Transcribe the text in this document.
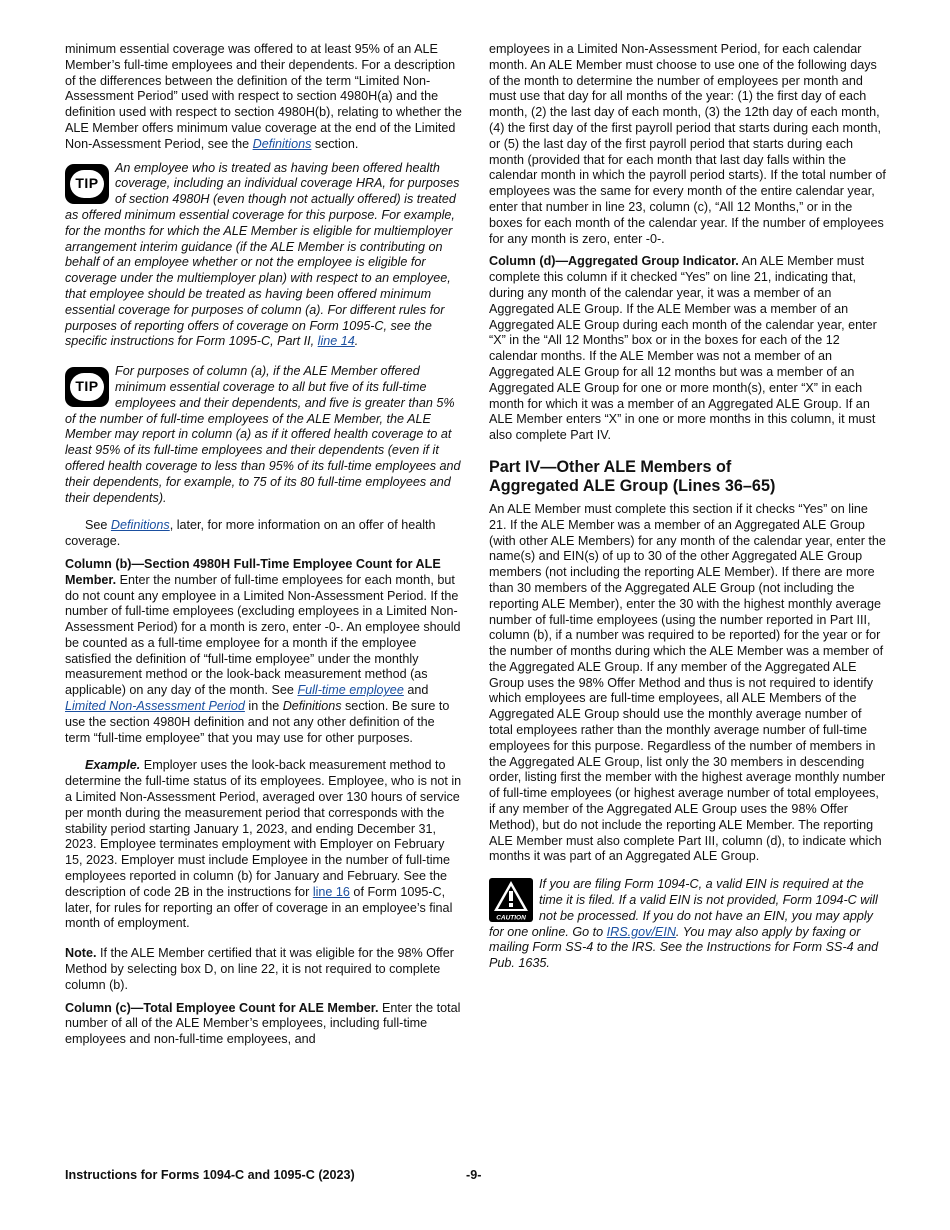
minimum essential coverage was offered to at least 95% of an ALE Member’s full-time employees and their dependents. For a description of the differences between the definition of the term “Limited Non-Assessment Period” used with respect to section 4980H(a) and the definition used with respect to section 4980H(b), relating to whether the ALE Member offers minimum value coverage at the end of the Limited Non-Assessment Period, see the Definitions section.

TIP

An employee who is treated as having been offered health coverage, including an individual coverage HRA, for purposes of section 4980H (even though not actually offered) is treated as offered minimum essential coverage for this purpose. For example, for the months for which the ALE Member is eligible for multiemployer arrangement interim guidance (if the ALE Member is contributing on behalf of an employee whether or not the employee is eligible for coverage under the multiemployer plan) with respect to an employee, that employee should be treated as having been offered minimum essential coverage for purposes of column (a). For different rules for purposes of reporting offers of coverage on Form 1095-C, see the specific instructions for Form 1095-C, Part II, line 14.

TIP

For purposes of column (a), if the ALE Member offered minimum essential coverage to all but five of its full-time employees and their dependents, and five is greater than 5% of the number of full-time employees of the ALE Member, the ALE Member may report in column (a) as if it offered health coverage to at least 95% of its full-time employees and their dependents (even if it offered health coverage to less than 95% of its full-time employees and their dependents, for example, to 75 of its 80 full-time employees and their dependents).

See Definitions, later, for more information on an offer of health coverage.

Column (b)—Section 4980H Full-Time Employee Count for ALE Member. Enter the number of full-time employees for each month, but do not count any employee in a Limited Non-Assessment Period. If the number of full-time employees (excluding employees in a Limited Non-Assessment Period) for a month is zero, enter -0-. An employee should be counted as a full-time employee for a month if the employee satisfied the definition of “full-time employee” under the monthly measurement method or the look-back measurement method (as applicable) on any day of the month. See Full-time employee and Limited Non-Assessment Period in the Definitions section. Be sure to use the section 4980H definition and not any other definition of the term “full-time employee” that you may use for other purposes.

Example. Employer uses the look-back measurement method to determine the full-time status of its employees. Employee, who is not in a Limited Non-Assessment Period, averaged over 130 hours of service per month during the measurement period that corresponds with the stability period starting January 1, 2023, and ending December 31, 2023. Employee terminates employment with Employer on February 15, 2023. Employer must include Employee in the number of full-time employees reported in column (b) for January and February. See the description of code 2B in the instructions for line 16 of Form 1095-C, later, for rules for reporting an offer of coverage in an employee’s final month of employment.

Note. If the ALE Member certified that it was eligible for the 98% Offer Method by selecting box D, on line 22, it is not required to complete column (b).

Column (c)—Total Employee Count for ALE Member. Enter the total number of all of the ALE Member’s employees, including full-time employees and non-full-time employees, and

employees in a Limited Non-Assessment Period, for each calendar month. An ALE Member must choose to use one of the following days of the month to determine the number of employees per month and must use that day for all months of the year: (1) the first day of each month, (2) the last day of each month, (3) the 12th day of each month, (4) the first day of the first payroll period that starts during each month, or (5) the last day of the first payroll period that starts during each month (provided that for each month that last day falls within the calendar month in which the payroll period starts). If the total number of employees was the same for every month of the entire calendar year, enter that number in line 23, column (c), “All 12 Months,” or in the boxes for each month of the calendar year. If the number of employees for any month is zero, enter -0-.

Column (d)—Aggregated Group Indicator. An ALE Member must complete this column if it checked “Yes” on line 21, indicating that, during any month of the calendar year, it was a member of an Aggregated ALE Group. If the ALE Member was a member of an Aggregated ALE Group during each month of the calendar year, enter “X” in the “All 12 Months” box or in the boxes for each of the 12 calendar months. If the ALE Member was not a member of an Aggregated ALE Group for all 12 months but was a member of an Aggregated ALE Group for one or more month(s), enter “X” in each month for which it was a member of an Aggregated ALE Group. If an ALE Member enters “X” in one or more months in this column, it must also complete Part IV.

Part IV—Other ALE Members of
Aggregated ALE Group (Lines 36–65)

An ALE Member must complete this section if it checks “Yes” on line 21. If the ALE Member was a member of an Aggregated ALE Group (with other ALE Members) for any month of the calendar year, enter the name(s) and EIN(s) of up to 30 of the other Aggregated ALE Group members (not including the reporting ALE Member). If there are more than 30 members of the Aggregated ALE Group (not including the reporting ALE Member), enter the 30 with the highest monthly average number of full-time employees (using the number reported in Part III, column (b), if a number was required to be reported) for the year or for the number of months during which the ALE Member was a member of the Aggregated ALE Group. If any member of the Aggregated ALE Group uses the 98% Offer Method and thus is not required to identify which employees are full-time employees, all ALE Members of the Aggregated ALE Group should use the monthly average number of total employees rather than the monthly average number of full-time employees for this purpose. Regardless of the number of members in the Aggregated ALE Group, list only the 30 members in descending order, listing first the member with the highest average monthly number of full-time employees (or highest average number of total employees, if any member of the Aggregated ALE Group uses the 98% Offer Method), but do not include the reporting ALE Member. The reporting ALE Member must also complete Part III, column (d), to indicate which months it was part of an Aggregated ALE Group.

CAUTION

If you are filing Form 1094-C, a valid EIN is required at the time it is filed. If a valid EIN is not provided, Form 1094-C will not be processed. If you do not have an EIN, you may apply for one online. Go to IRS.gov/EIN. You may also apply by faxing or mailing Form SS-4 to the IRS. See the Instructions for Form SS-4 and Pub. 1635.

Instructions for Forms 1094-C and 1095-C (2023)	-9-
